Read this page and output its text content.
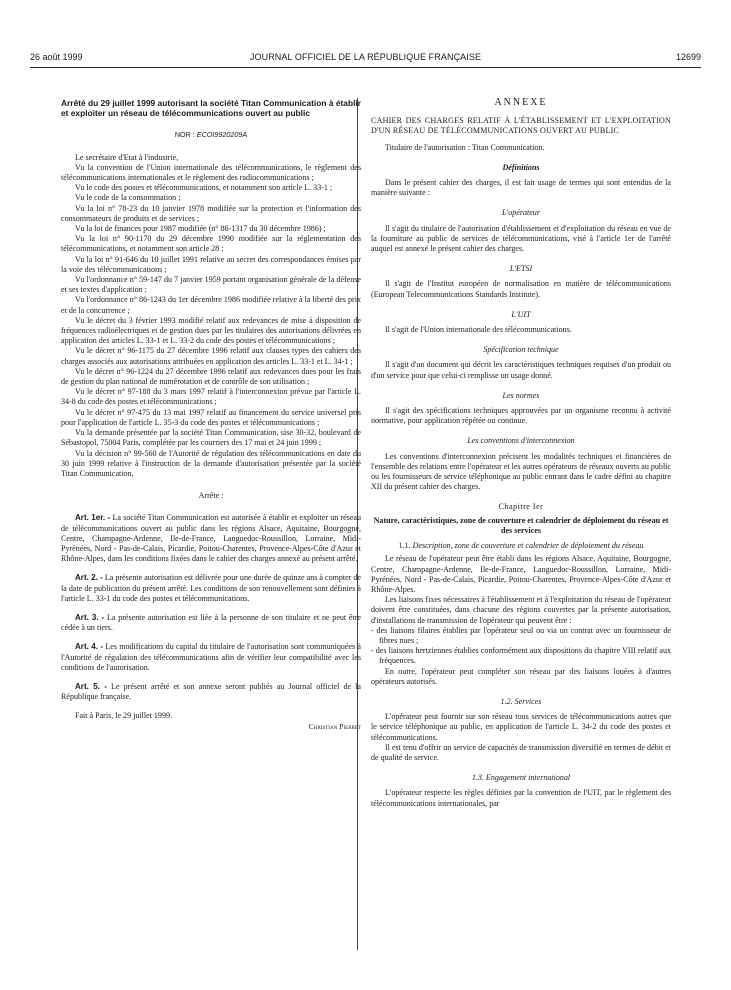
26 août 1999	JOURNAL OFFICIEL DE LA RÉPUBLIQUE FRANÇAISE	12699

Arrêté du 29 juillet 1999 autorisant la société Titan Communication à établir et exploiter un réseau de télécommunications ouvert au public

NOR : ECOI9920209A

Le secrétaire d'Etat à l'industrie,

Vu la convention de l'Union internationale des télécommunications, le règlement des télécommunications internationales et le règlement des radiocommunications ;

Vu le code des postes et télécommunications, et notamment son article L. 33-1 ;

Vu le code de la consommation ;

Vu la loi n° 78-23 du 10 janvier 1978 modifiée sur la protection et l'information des consommateurs de produits et de services ;

Vu la loi de finances pour 1987 modifiée (n° 86-1317 du 30 décembre 1986) ;

Vu la loi n° 90-1170 du 29 décembre 1990 modifiée sur la réglementation des télécommunications, et notamment son article 28 ;

Vu la loi n° 91-646 du 10 juillet 1991 relative au secret des correspondances émises par la voie des télécommunications ;

Vu l'ordonnance n° 59-147 du 7 janvier 1959 portant organisation générale de la défense et ses textes d'application ;

Vu l'ordonnance n° 86-1243 du 1er décembre 1986 modifiée relative à la liberté des prix et de la concurrence ;

Vu le décret du 3 février 1993 modifié relatif aux redevances de mise à disposition de fréquences radioélectriques et de gestion dues par les titulaires des autorisations délivrées en application des articles L. 33-1 et L. 33-2 du code des postes et télécommunications ;

Vu le décret n° 96-1175 du 27 décembre 1996 relatif aux clauses types des cahiers des charges associés aux autorisations attribuées en application des articles L. 33-1 et L. 34-1 ;

Vu le décret n° 96-1224 du 27 décembre 1996 relatif aux redevances dues pour les frais de gestion du plan national de numérotation et de contrôle de son utilisation ;

Vu le décret n° 97-188 du 3 mars 1997 relatif à l'interconnexion prévue par l'article L. 34-8 du code des postes et télécommunications ;

Vu le décret n° 97-475 du 13 mai 1997 relatif au financement du service universel pris pour l'application de l'article L. 35-3 du code des postes et télécommunications ;

Vu la demande présentée par la société Titan Communication, sise 30-32, boulevard de Sébastopol, 75004 Paris, complétée par les courriers des 17 mai et 24 juin 1999 ;

Vu la décision n° 99-560 de l'Autorité de régulation des télécommunications en date du 30 juin 1999 relative à l'instruction de la demande d'autorisation présentée par la société Titan Communication,

Arrête :

Art. 1er. - La société Titan Communication est autorisée à établir et exploiter un réseau de télécommunications ouvert au public dans les régions Alsace, Aquitaine, Bourgogne, Centre, Champagne-Ardenne, Ile-de-France, Languedoc-Roussillon, Lorraine, Midi-Pyrénées, Nord - Pas-de-Calais, Picardie, Poitou-Charentes, Provence-Alpes-Côte d'Azur et Rhône-Alpes, dans les conditions fixées dans le cahier des charges annexé au présent arrêté.

Art. 2. - La présente autorisation est délivrée pour une durée de quinze ans à compter de la date de publication du présent arrêté. Les conditions de son renouvellement sont définies à l'article L. 33-1 du code des postes et télécommunications.

Art. 3. - La présente autorisation est liée à la personne de son titulaire et ne peut être cédée à un tiers.

Art. 4. - Les modifications du capital du titulaire de l'autorisation sont communiquées à l'Autorité de régulation des télécommunications afin de vérifier leur compatibilité avec les conditions de l'autorisation.

Art. 5. - Le présent arrêté et son annexe seront publiés au Journal officiel de la République française.

Fait à Paris, le 29 juillet 1999.

Christian Pierret

ANNEXE

CAHIER DES CHARGES RELATIF À L'ÉTABLISSEMENT ET L'EXPLOITATION D'UN RÉSEAU DE TÉLÉCOMMUNICATIONS OUVERT AU PUBLIC

Titulaire de l'autorisation : Titan Communication.

Définitions

Dans le présent cahier des charges, il est fait usage de termes qui sont entendus de la manière suivante :

L'opérateur

Il s'agit du titulaire de l'autorisation d'établissement et d'exploitation du réseau en vue de la fourniture au public de services de télécommunications, visé à l'article 1er de l'arrêté auquel est annexé le présent cahier des charges.

L'ETSI

Il s'agit de l'Institut européen de normalisation en matière de télécommunications (European Telecommunications Standards Institute).

L'UIT

Il s'agit de l'Union internationale des télécommunications.

Spécification technique

Il s'agit d'un document qui décrit les caractéristiques techniques requises d'un produit ou d'un service pour que celui-ci remplisse un usage donné.

Les normes

Il s'agit des spécifications techniques approuvées par un organisme reconnu à activité normative, pour application répétée ou continue.

Les conventions d'interconnexion

Les conventions d'interconnexion précisent les modalités techniques et financières de l'ensemble des relations entre l'opérateur et les autres opérateurs de réseaux ouverts au public ou les fournisseurs de service téléphonique au public entrant dans le cadre défini au chapitre XII du présent cahier des charges.

Chapitre Ier

Nature, caractéristiques, zone de couverture et calendrier de déploiement du réseau et des services

1.1. Description, zone de couverture et calendrier de déploiement du réseau

Le réseau de l'opérateur peut être établi dans les régions Alsace, Aquitaine, Bourgogne, Centre, Champagne-Ardenne, Ile-de-France, Languedoc-Roussillon, Lorraine, Midi-Pyrénées, Nord - Pas-de-Calais, Picardie, Poitou-Charentes, Provence-Alpes-Côte d'Azur et Rhône-Alpes.

Les liaisons fixes nécessaires à l'établissement et à l'exploitation du réseau de l'opérateur doivent être constituées, dans chacune des régions couvertes par la présente autorisation, d'installations de transmission de l'opérateur qui peuvent être :

- des liaisons filaires établies par l'opérateur seul ou via un contrat avec un fournisseur de fibres nues ;
- des liaisons hertziennes établies conformément aux dispositions du chapitre VIII relatif aux fréquences.

En outre, l'opérateur peut compléter son réseau par des liaisons louées à d'autres opérateurs autorisés.

1.2. Services

L'opérateur peut fournir sur son réseau tous services de télécommunications autres que le service téléphonique au public, en application de l'article L. 34-2 du code des postes et télécommunications.

Il est tenu d'offrir un service de capacités de transmission diversifié en termes de débit et de qualité de service.

1.3. Engagement international

L'opérateur respecte les règles définies par la convention de l'UIT, par le règlement des télécommunications internationales, par
